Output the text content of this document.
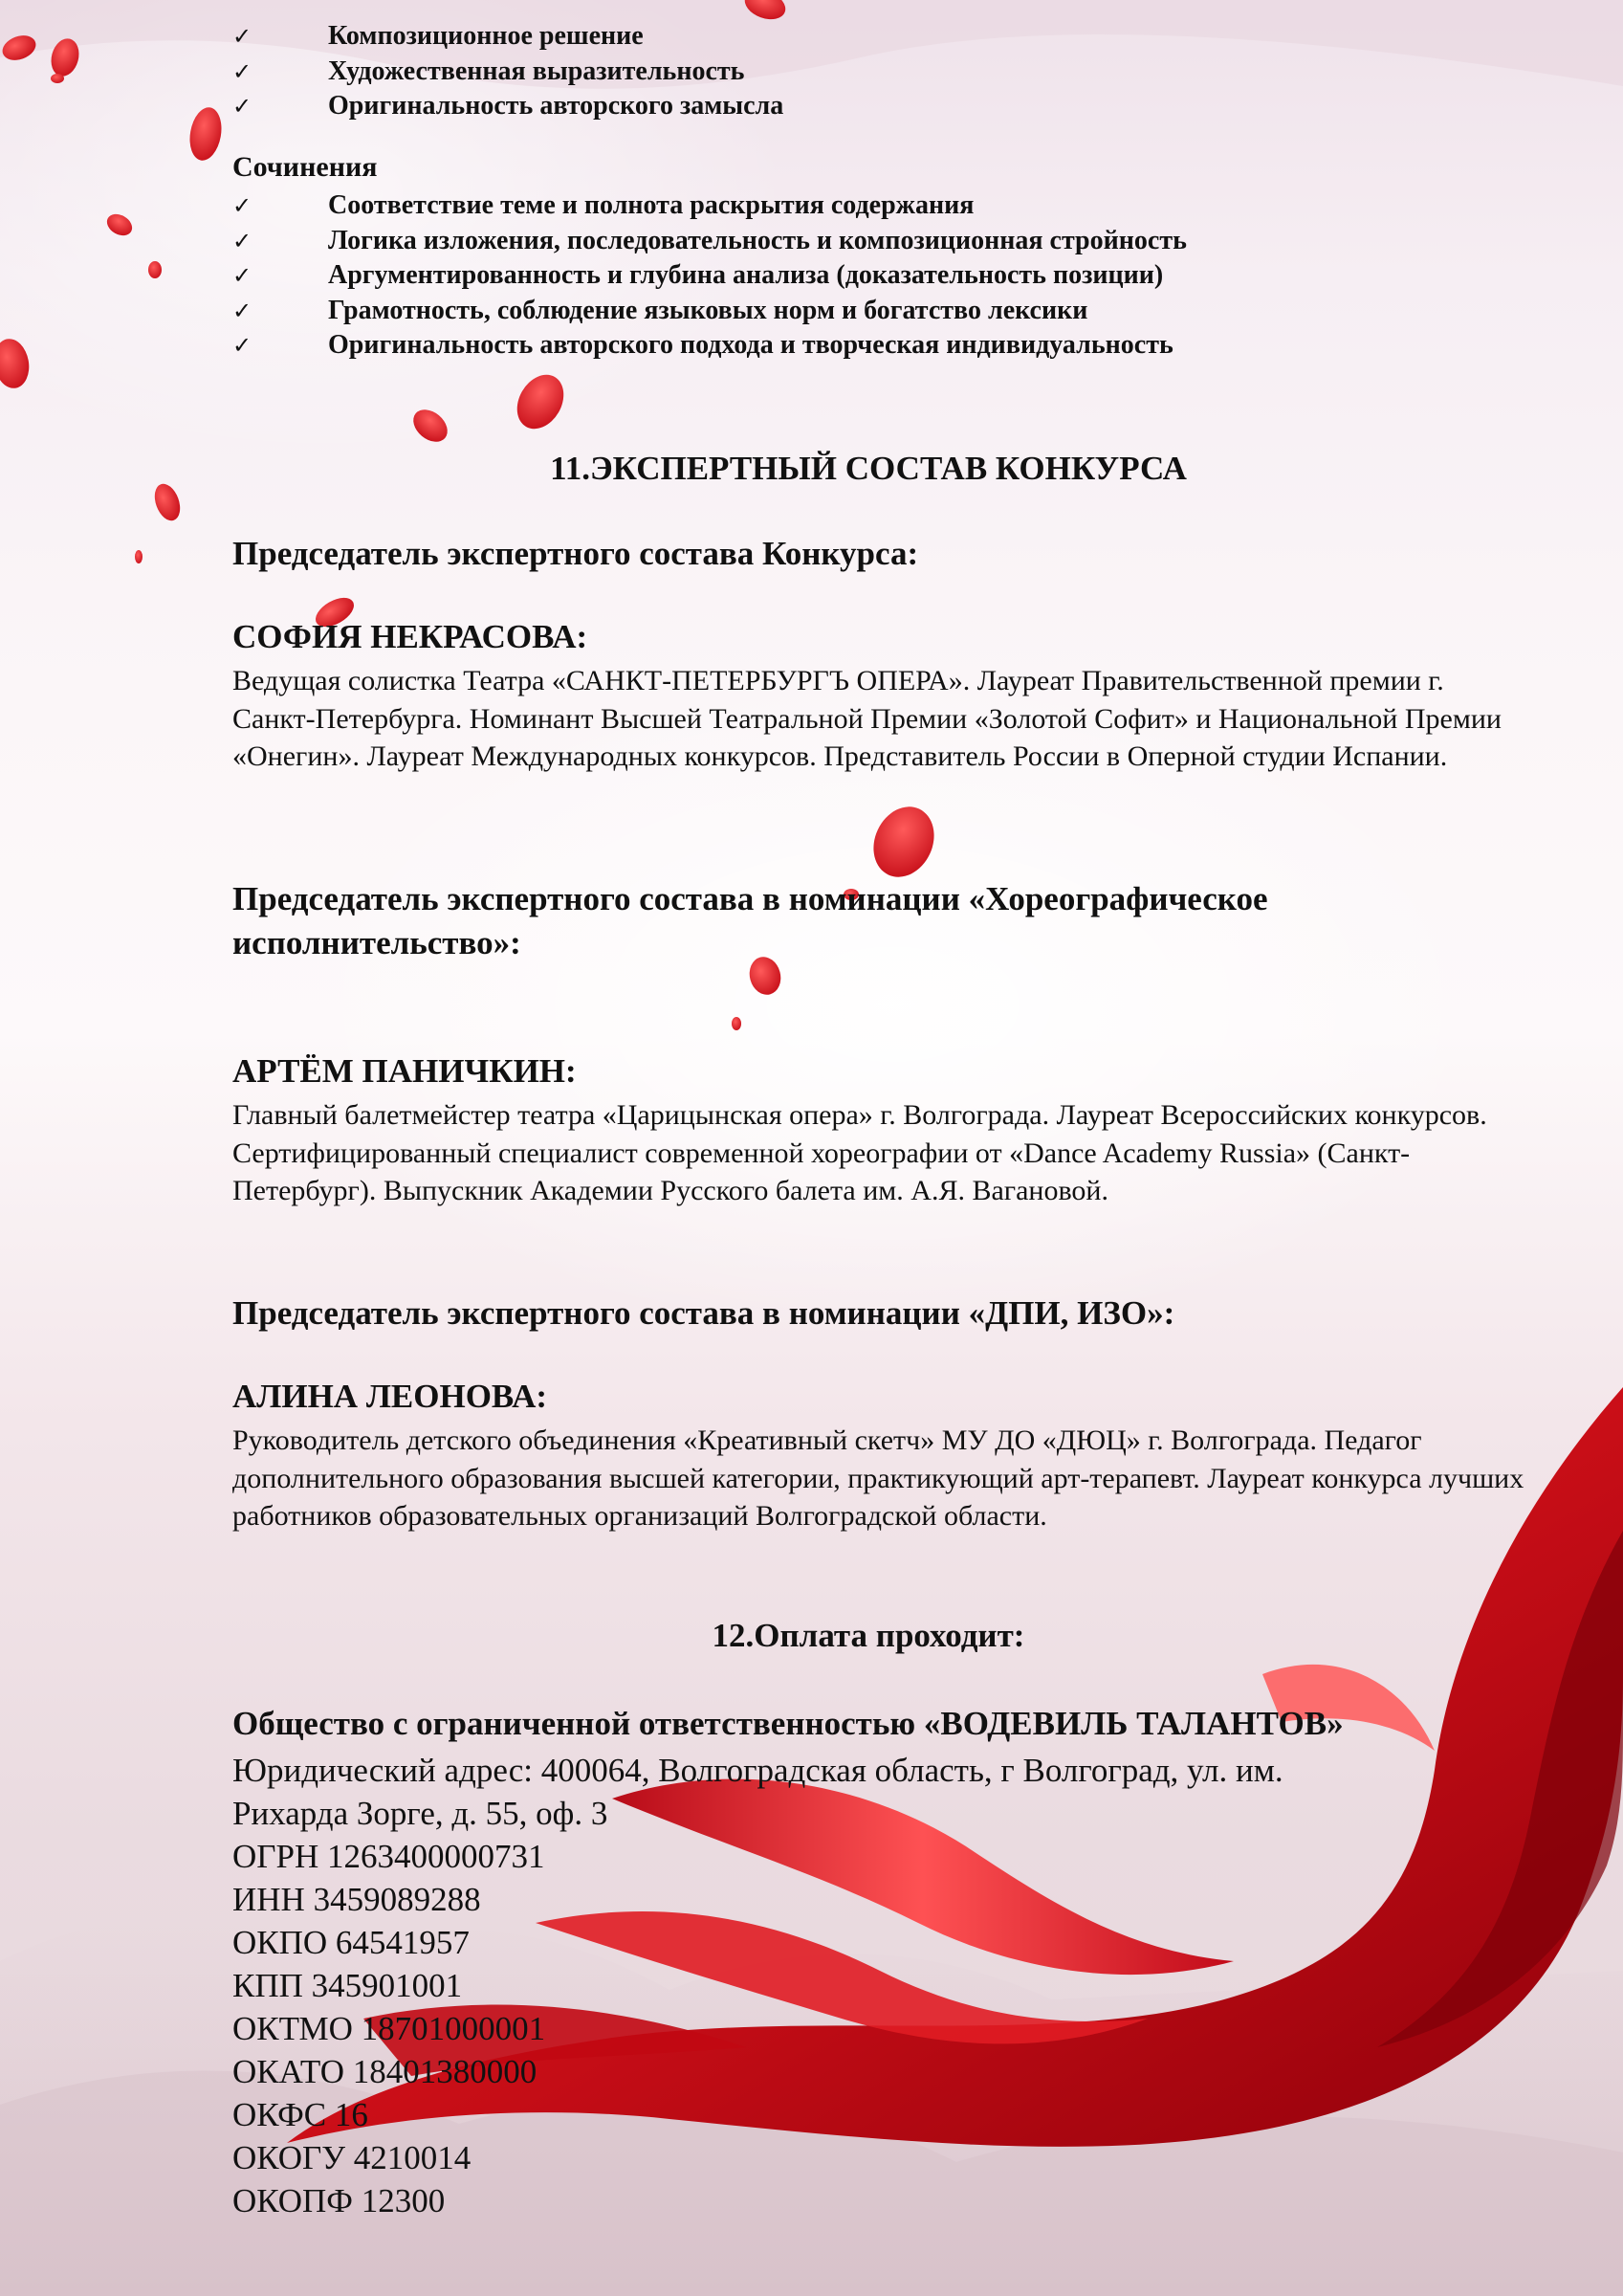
✓	Композиционное решение
✓	Художественная выразительность
✓	Оригинальность авторского замысла
Сочинения
✓	Соответствие теме и полнота раскрытия содержания
✓	Логика изложения, последовательность и композиционная стройность
✓	Аргументированность и глубина анализа (доказательность позиции)
✓	Грамотность, соблюдение языковых норм и богатство лексики
✓	Оригинальность авторского подхода и творческая индивидуальность
11.ЭКСПЕРТНЫЙ СОСТАВ КОНКУРСА
Председатель экспертного состава Конкурса:
СОФИЯ НЕКРАСОВА:
Ведущая солистка Театра «САНКТ-ПЕТЕРБУРГЪ ОПЕРА». Лауреат Правительственной премии г. Санкт-Петербурга. Номинант Высшей Театральной Премии «Золотой Софит» и Национальной Премии «Онегин». Лауреат Международных конкурсов. Представитель России в Оперной студии Испании.
Председатель экспертного состава в номинации «Хореографическое исполнительство»:
АРТЁМ ПАНИЧКИН:
Главный балетмейстер театра «Царицынская опера» г. Волгограда. Лауреат Всероссийских конкурсов. Сертифицированный специалист современной хореографии от «Dance Academy Russia» (Санкт-Петербург). Выпускник Академии Русского балета им. А.Я. Вагановой.
Председатель экспертного состава в номинации «ДПИ, ИЗО»:
АЛИНА ЛЕОНОВА:
Руководитель детского объединения «Креативный скетч» МУ ДО «ДЮЦ» г. Волгограда. Педагог дополнительного образования высшей категории, практикующий арт-терапевт. Лауреат конкурса лучших работников образовательных организаций Волгоградской области.
12.Оплата проходит:
Общество с ограниченной ответственностью «ВОДЕВИЛЬ ТАЛАНТОВ»
Юридический адрес: 400064, Волгоградская область, г Волгоград, ул. им.
Рихарда Зорге, д. 55, оф. 3
ОГРН 1263400000731
ИНН 3459089288
ОКПО 64541957
КПП 345901001
ОКТМО 18701000001
ОКАТО 18401380000
ОКФС 16
ОКОГУ 4210014
ОКОПФ 12300
